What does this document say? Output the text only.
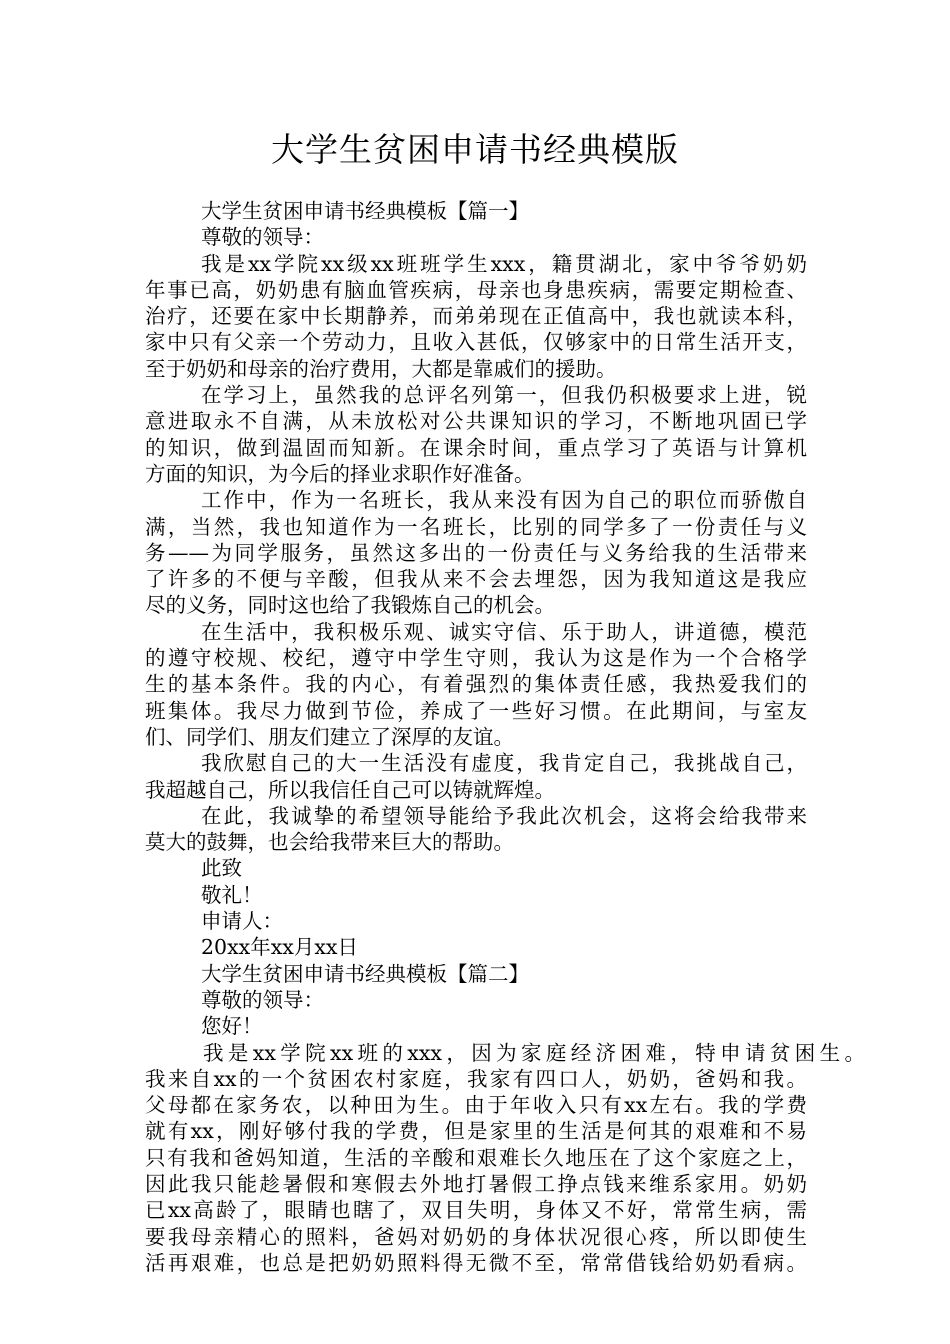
大学生贫困申请书经典模版
大学生贫困申请书经典模板【篇一】
尊敬的领导：
我是xx学院xx级xx班班学生xxx，籍贯湖北，家中爷爷奶奶
年事已高，奶奶患有脑血管疾病，母亲也身患疾病，需要定期检查、
治疗，还要在家中长期静养，而弟弟现在正值高中，我也就读本科，
家中只有父亲一个劳动力，且收入甚低，仅够家中的日常生活开支，
至于奶奶和母亲的治疗费用，大都是靠戚们的援助。
在学习上，虽然我的总评名列第一，但我仍积极要求上进，锐
意进取永不自满，从未放松对公共课知识的学习，不断地巩固已学
的知识，做到温固而知新。在课余时间，重点学习了英语与计算机
方面的知识，为今后的择业求职作好准备。
工作中，作为一名班长，我从来没有因为自己的职位而骄傲自
满，当然，我也知道作为一名班长，比别的同学多了一份责任与义
务——为同学服务，虽然这多出的一份责任与义务给我的生活带来
了许多的不便与辛酸，但我从来不会去埋怨，因为我知道这是我应
尽的义务，同时这也给了我锻炼自己的机会。
在生活中，我积极乐观、诚实守信、乐于助人，讲道德，模范
的遵守校规、校纪，遵守中学生守则，我认为这是作为一个合格学
生的基本条件。我的内心，有着强烈的集体责任感，我热爱我们的
班集体。我尽力做到节俭，养成了一些好习惯。在此期间，与室友
们、同学们、朋友们建立了深厚的友谊。
我欣慰自己的大一生活没有虚度，我肯定自己，我挑战自己，
我超越自己，所以我信任自己可以铸就辉煌。
在此，我诚挚的希望领导能给予我此次机会，这将会给我带来
莫大的鼓舞，也会给我带来巨大的帮助。
此致
敬礼！
申请人：
20xx年xx月xx日
大学生贫困申请书经典模板【篇二】
尊敬的领导：
您好！
我是xx学院xx班的xxx，因为家庭经济困难，特申请贫困生。
我来自xx的一个贫困农村家庭，我家有四口人，奶奶，爸妈和我。
父母都在家务农，以种田为生。由于年收入只有xx左右。我的学费
就有xx，刚好够付我的学费，但是家里的生活是何其的艰难和不易
只有我和爸妈知道，生活的辛酸和艰难长久地压在了这个家庭之上，
因此我只能趁暑假和寒假去外地打暑假工挣点钱来维系家用。奶奶
已xx高龄了，眼睛也瞎了，双目失明，身体又不好，常常生病，需
要我母亲精心的照料，爸妈对奶奶的身体状况很心疼，所以即使生
活再艰难，也总是把奶奶照料得无微不至，常常借钱给奶奶看病。
